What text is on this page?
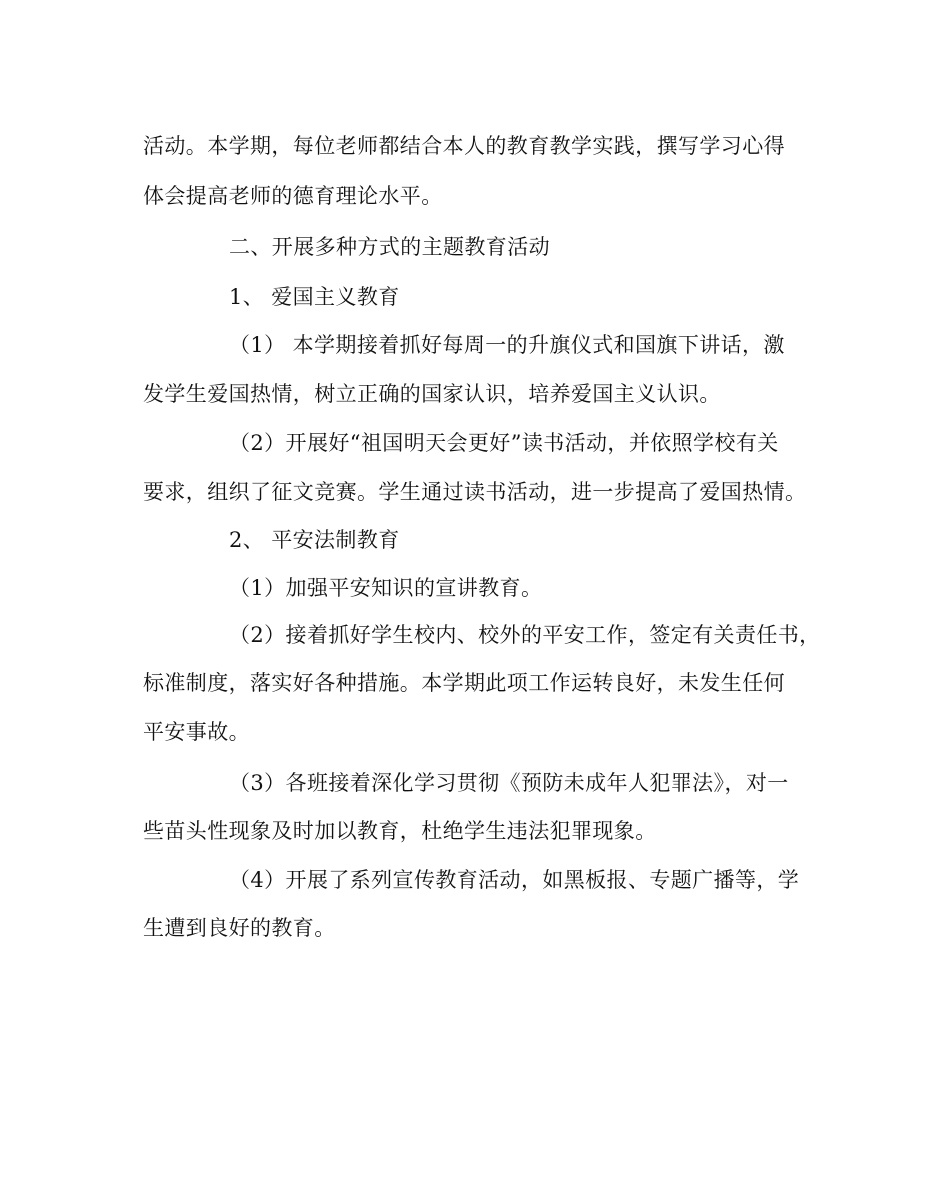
活动。本学期，每位老师都结合本人的教育教学实践，撰写学习心得
体会提高老师的德育理论水平。
二、开展多种方式的主题教育活动
1、 爱国主义教育
（1） 本学期接着抓好每周一的升旗仪式和国旗下讲话，激
发学生爱国热情，树立正确的国家认识，培养爱国主义认识。
（2）开展好“祖国明天会更好”读书活动，并依照学校有关
要求，组织了征文竞赛。学生通过读书活动，进一步提高了爱国热情。
2、 平安法制教育
（1）加强平安知识的宣讲教育。
（2）接着抓好学生校内、校外的平安工作，签定有关责任书，
标准制度，落实好各种措施。本学期此项工作运转良好，未发生任何
平安事故。
（3）各班接着深化学习贯彻《预防未成年人犯罪法》，对一
些苗头性现象及时加以教育，杜绝学生违法犯罪现象。
（4）开展了系列宣传教育活动，如黑板报、专题广播等，学
生遭到良好的教育。
